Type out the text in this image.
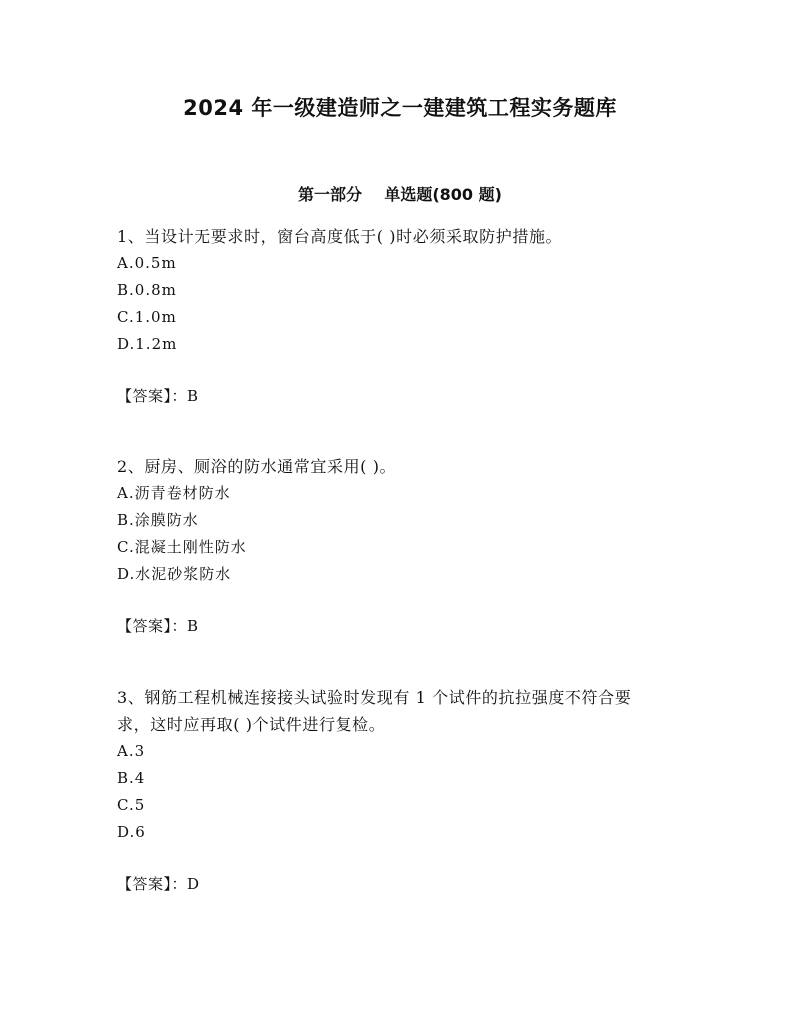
2024 年一级建造师之一建建筑工程实务题库
第一部分    单选题(800 题)

1、当设计无要求时，窗台高度低于( )时必须采取防护措施。

A.0.5m

B.0.8m

C.1.0m

D.1.2m

【答案】：B

2、厨房、厕浴的防水通常宜采用( )。

A.沥青卷材防水

B.涂膜防水

C.混凝土刚性防水

D.水泥砂浆防水

【答案】：B

3、钢筋工程机械连接接头试验时发现有 1 个试件的抗拉强度不符合要

求，这时应再取( )个试件进行复检。

A.3

B.4

C.5

D.6

【答案】：D
